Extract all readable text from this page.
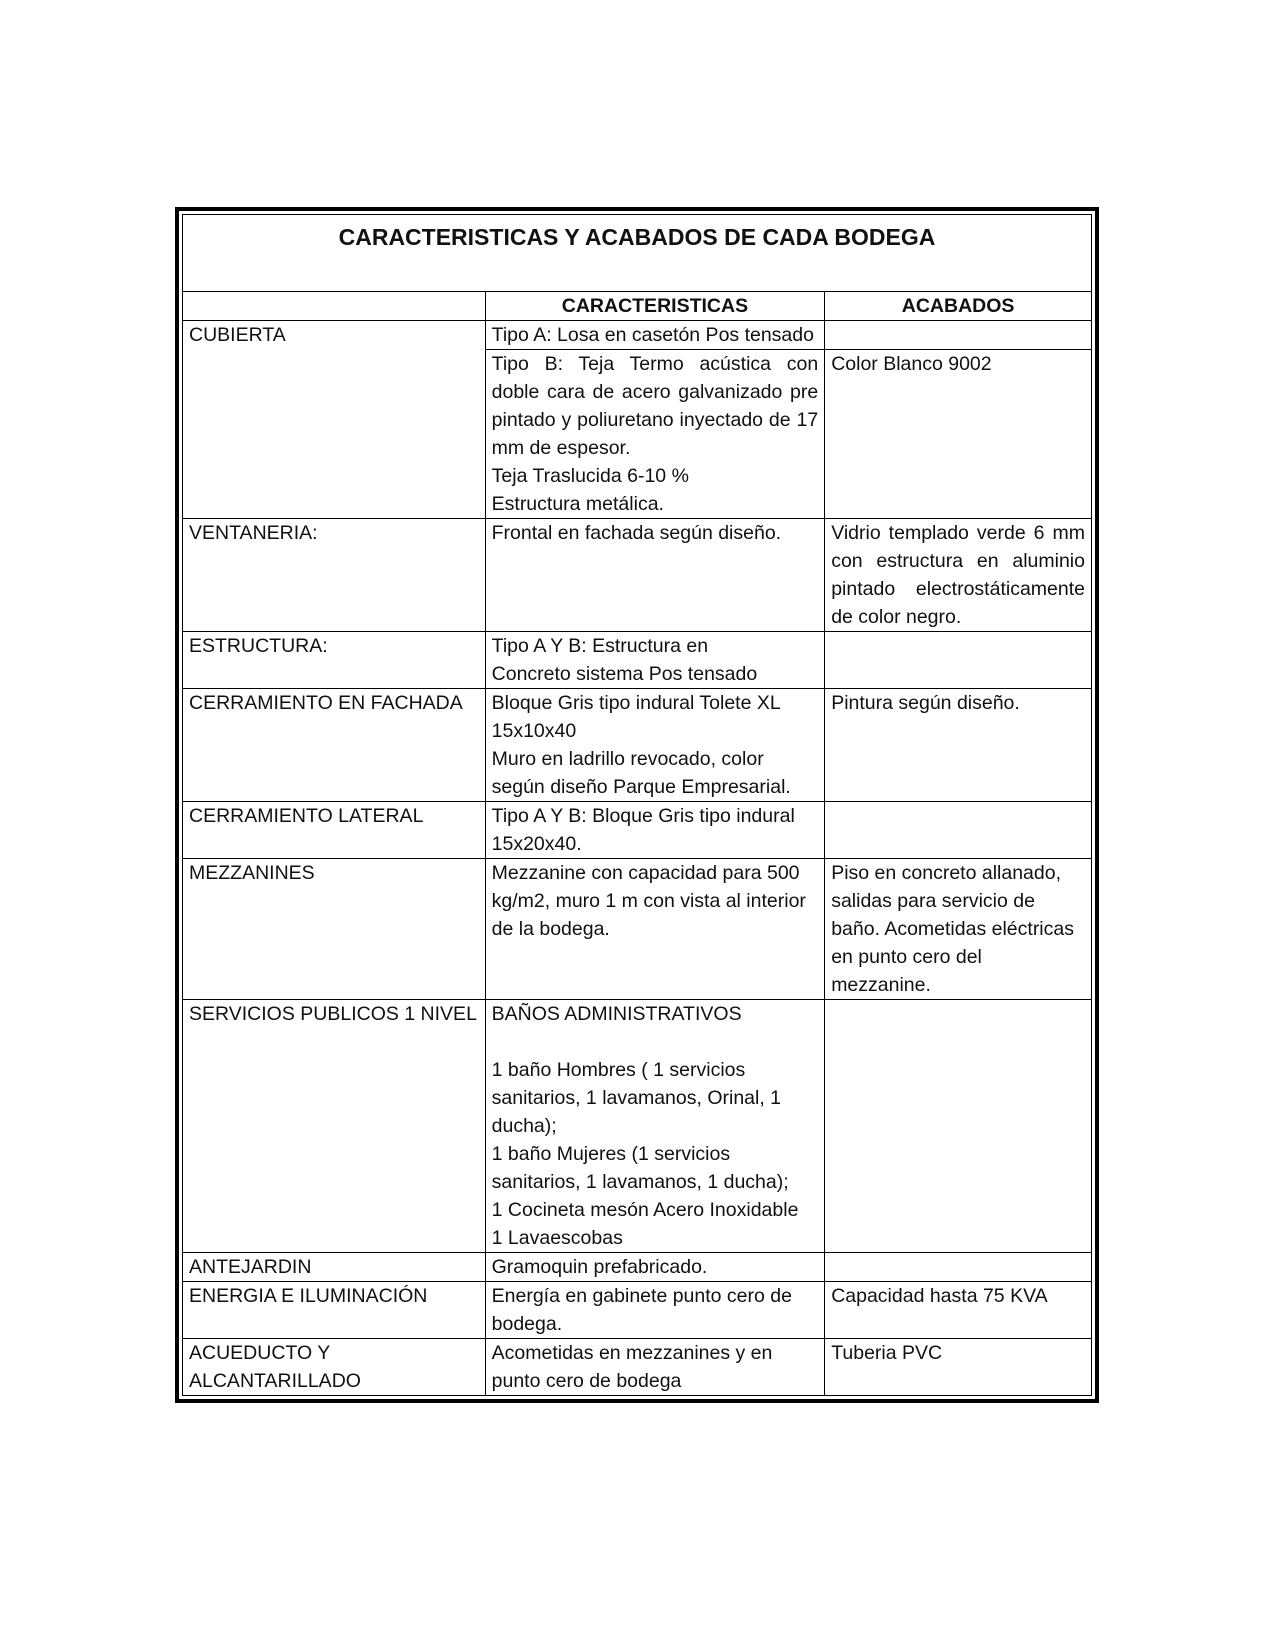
CARACTERISTICAS Y ACABADOS DE CADA BODEGA		
	CARACTERISTICAS	ACABADOS
CUBIERTA	Tipo A: Losa en casetón Pos tensado	

	Tipo B: Teja Termo acústica con doble cara de acero galvanizado pre pintado y poliuretano inyectado de 17 mm de espesor.
Teja Traslucida 6-10 %
Estructura metálica.	Color Blanco 9002
VENTANERIA:	Frontal en fachada según diseño.	Vidrio templado verde 6 mm con estructura en aluminio pintado electrostáticamente de color negro.
ESTRUCTURA:	Tipo A Y B: Estructura en
Concreto sistema Pos tensado	

CERRAMIENTO EN FACHADA	Bloque Gris tipo indural Tolete XL 15x10x40
Muro en ladrillo revocado, color según diseño Parque Empresarial.	Pintura según diseño.
CERRAMIENTO LATERAL	Tipo A Y B: Bloque Gris tipo indural 15x20x40.	
MEZZANINES	Mezzanine con capacidad para 500 kg/m2, muro 1 m con vista al interior de la bodega.	Piso en concreto allanado, salidas para servicio de baño. Acometidas eléctricas en punto cero del mezzanine.
SERVICIOS PUBLICOS 1 NIVEL	BAÑOS ADMINISTRATIVOS
1 baño Hombres ( 1 servicios sanitarios, 1 lavamanos, Orinal, 1 ducha);
1 baño Mujeres (1 servicios sanitarios, 1 lavamanos, 1 ducha);
1 Cocineta mesón Acero Inoxidable
1 Lavaescobas	

ANTEJARDIN	Gramoquin prefabricado.	
ENERGIA E ILUMINACIÓN	Energía en gabinete punto cero de bodega.	Capacidad hasta 75 KVA

ACUEDUCTO Y
ALCANTARILLADO	Acometidas en mezzanines y en punto cero de bodega	Tuberia PVC
